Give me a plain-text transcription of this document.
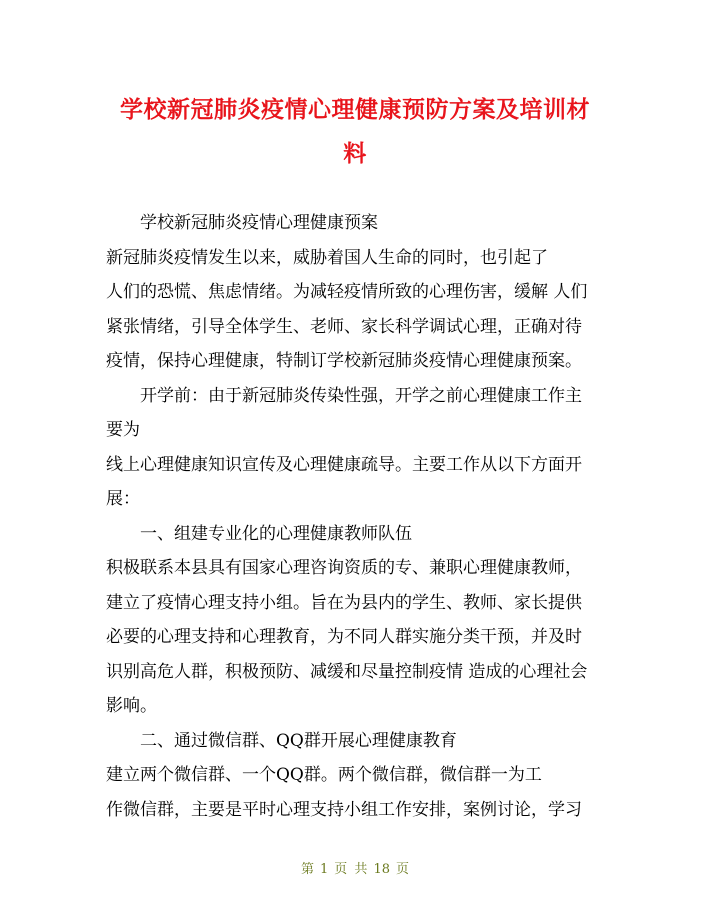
学校新冠肺炎疫情心理健康预防方案及培训材
料
学校新冠肺炎疫情心理健康预案
新冠肺炎疫情发生以来，威胁着国人生命的同时，也引起了
人们的恐慌、焦虑情绪。为减轻疫情所致的心理伤害，缓解 人们
紧张情绪，引导全体学生、老师、家长科学调试心理，正确对待
疫情，保持心理健康，特制订学校新冠肺炎疫情心理健康预案。
开学前：由于新冠肺炎传染性强，开学之前心理健康工作主
要为
线上心理健康知识宣传及心理健康疏导。主要工作从以下方面开
展：
一、组建专业化的心理健康教师队伍
积极联系本县具有国家心理咨询资质的专、兼职心理健康教师，
建立了疫情心理支持小组。旨在为县内的学生、教师、家长提供
必要的心理支持和心理教育，为不同人群实施分类干预，并及时
识别高危人群，积极预防、减缓和尽量控制疫情 造成的心理社会
影响。
二、通过微信群、QQ群开展心理健康教育
建立两个微信群、一个QQ群。两个微信群，微信群一为工
作微信群，主要是平时心理支持小组工作安排，案例讨论，学习
第 1 页 共 18 页
